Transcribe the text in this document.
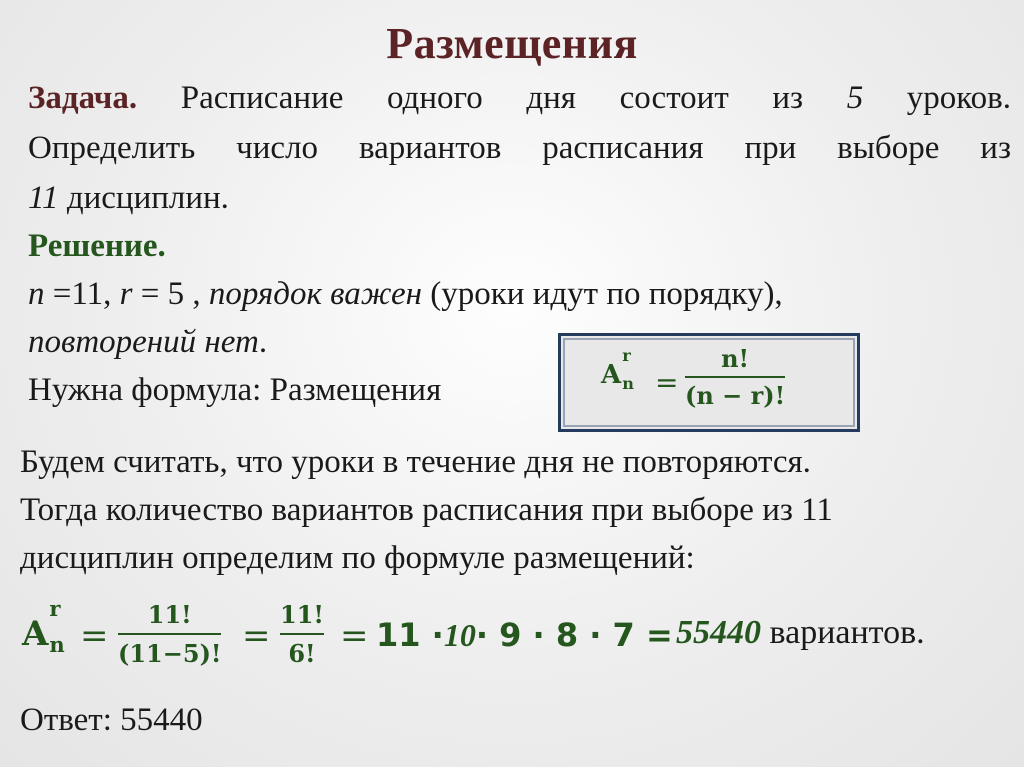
Размещения
Задача. Расписание одного дня состоит из 5 уроков.
Определить число вариантов расписания при выборе из
11 дисциплин.
Решение.
n =11, r = 5 , порядок важен (уроки идут по порядку),
повторений нет.
Нужна формула: Размещения	A
r
n =
n!
(n − r)!
Будем считать, что уроки в течение дня не повторяются.
Тогда количество вариантов расписания при выборе из 11
дисциплин определим по формуле размещений:
A
r
n =
11!
(11−5)! =
11!
6! = 11 ·10· 9 · 8 · 7 = 55440 вариантов.
Ответ: 55440
